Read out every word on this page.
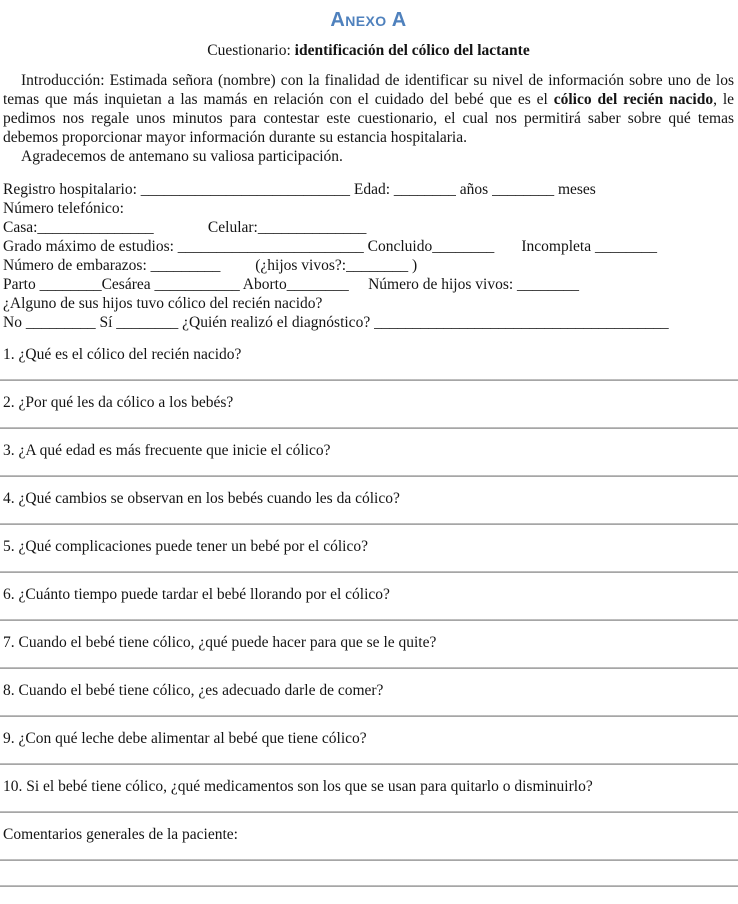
Anexo A

Cuestionario: identificación del cólico del lactante

Introducción: Estimada señora (nombre) con la finalidad de identificar su nivel de información sobre uno de los temas que más inquietan a las mamás en relación con el cuidado del bebé que es el cólico del recién nacido, le pedimos nos regale unos minutos para contestar este cuestionario, el cual nos permitirá saber sobre qué temas debemos proporcionar mayor información durante su estancia hospitalaria.

Agradecemos de antemano su valiosa participación.

Registro hospitalario: ___________________________ Edad: ________ años ________ meses
Número telefónico:
Casa:_______________              Celular:______________
Grado máximo de estudios: ________________________ Concluido________       Incompleta ________
Número de embarazos: _________         (¿hijos vivos?:________ )
Parto ________Cesárea ___________ Aborto________     Número de hijos vivos: ________
¿Alguno de sus hijos tuvo cólico del recién nacido?
No _________ Sí ________ ¿Quién realizó el diagnóstico? ______________________________________

1. ¿Qué es el cólico del recién nacido?

2. ¿Por qué les da cólico a los bebés?

3. ¿A qué edad es más frecuente que inicie el cólico?

4. ¿Qué cambios se observan en los bebés cuando les da cólico?

5. ¿Qué complicaciones puede tener un bebé por el cólico?

6. ¿Cuánto tiempo puede tardar el bebé llorando por el cólico?

7. Cuando el bebé tiene cólico, ¿qué puede hacer para que se le quite?

8. Cuando el bebé tiene cólico, ¿es adecuado darle de comer?

9. ¿Con qué leche debe alimentar al bebé que tiene cólico?

10. Si el bebé tiene cólico, ¿qué medicamentos son los que se usan para quitarlo o disminuirlo?

Comentarios generales de la paciente:
